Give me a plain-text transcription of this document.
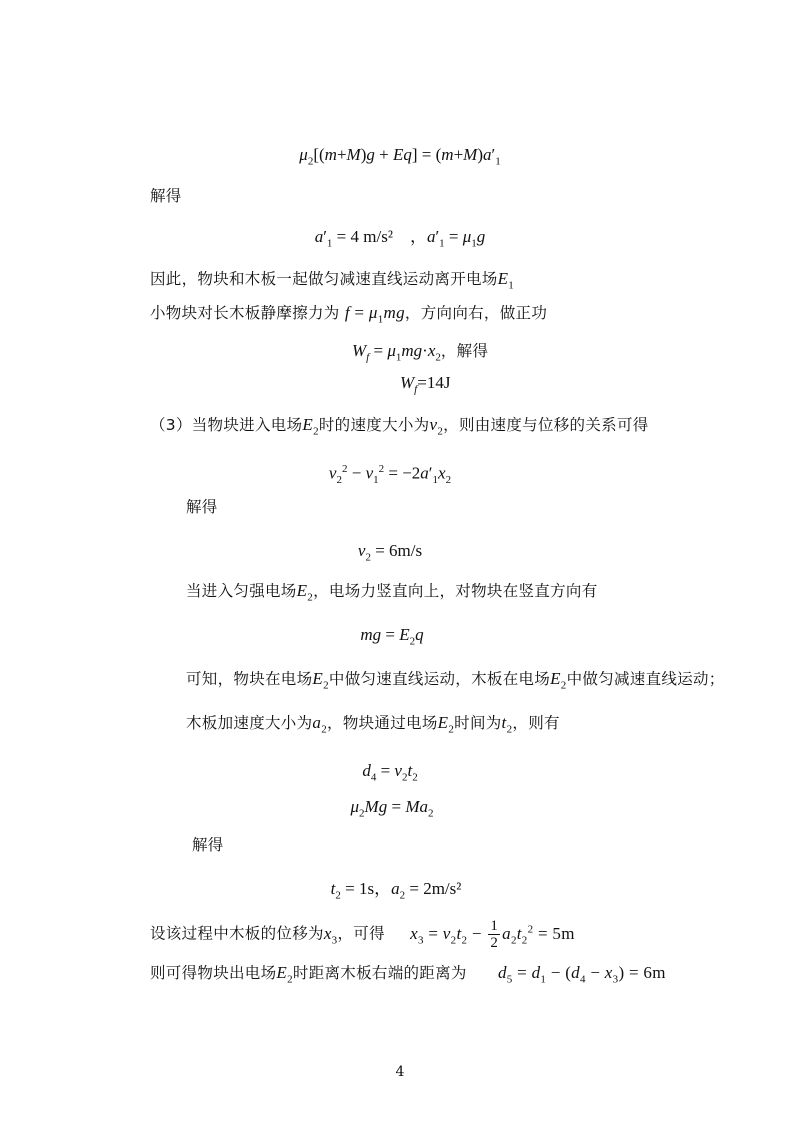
$\mu_2[(m+M)g + Eq] = (m+M)a'_1$
解得
$a'_1 = 4$ m/s²    ，$a'_1 = \mu_1g$
因此，物块和木板一起做匀减速直线运动离开电场$E_1$
小物块对长木板静摩擦力为 $f = \mu_1mg$，方向向右，做正功
$W_f = \mu_1mg\cdot x_2$，解得
$W_f=14J$
（3）当物块进入电场$E_2$时的速度大小为$v_2$，则由速度与位移的关系可得
$v_2^2 - v_1^2 = -2a'_1x_2$
解得
$v_2 = 6m/s$
当进入匀强电场$E_2$，电场力竖直向上，对物块在竖直方向有
mg = $E_2q$
可知，物块在电场$E_2$中做匀速直线运动，木板在电场$E_2$中做匀减速直线运动；
木板加速度大小为$a_2$，物块通过电场$E_2$时间为$t_2$，则有
$d_4 = v_2t_2$
$\mu_2Mg = Ma_2$
解得
$t_2 = 1s$，$a_2 = 2m/s^2$
设该过程中木板的位移为$x_3$，可得 $x_3 = v_2t_2 - \frac{1}{2} a_2t_2^2 = 5m$
则可得物块出电场$E_2$时距离木板右端的距离为 $d_5 = d_1 - (d_4 - x_3) = 6m$
4
